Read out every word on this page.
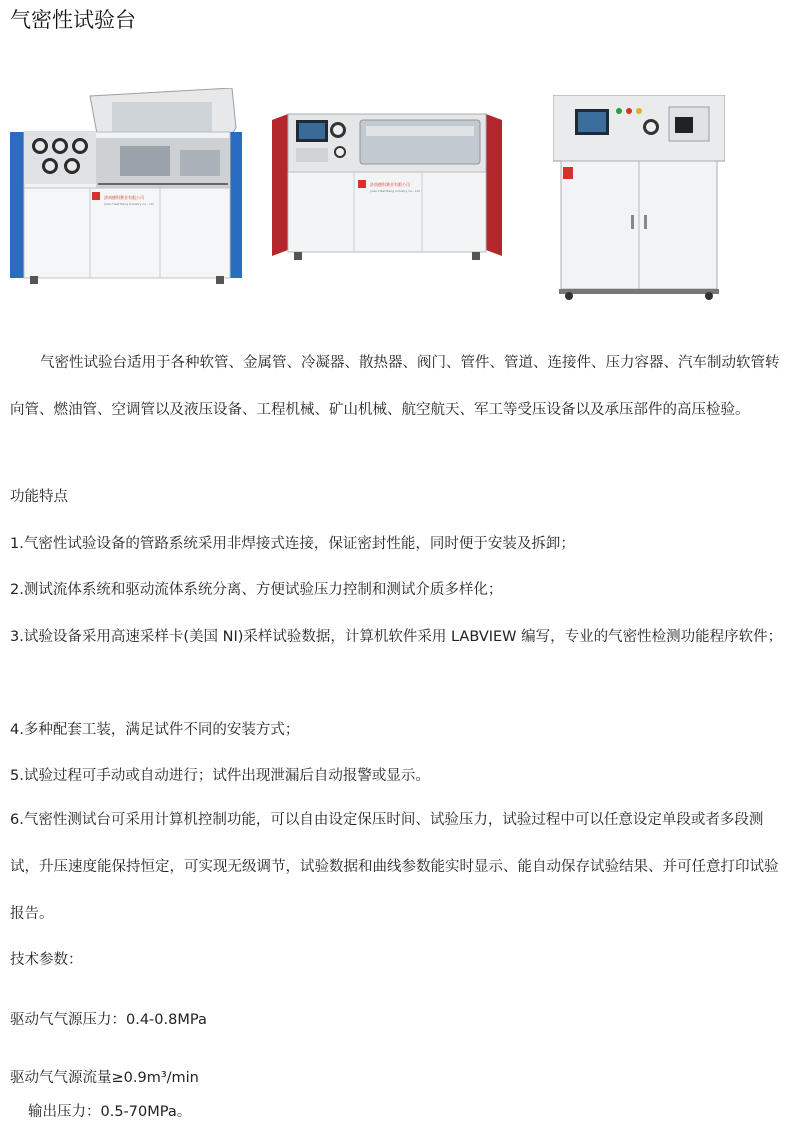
气密性试验台
济南德科赛业有限公司
Jinan Heat Bang Industry Co., Ltd
济南德科赛业有限公司
Jinan Heat Bang Industry Co., Ltd

气密性试验台适用于各种软管、金属管、冷凝器、散热器、阀门、管件、管道、连接件、压力容器、汽车制动软管转向管、燃油管、空调管以及液压设备、工程机械、矿山机械、航空航天、军工等受压设备以及承压部件的高压检验。

功能特点

1.气密性试验设备的管路系统采用非焊接式连接，保证密封性能，同时便于安装及拆卸；

2.测试流体系统和驱动流体系统分离、方便试验压力控制和测试介质多样化；

3.试验设备采用高速采样卡(美国 NI)采样试验数据，计算机软件采用 LABVIEW 编写，专业的气密性检测功能程序软件；

4.多种配套工装，满足试件不同的安装方式；

5.试验过程可手动或自动进行；试件出现泄漏后自动报警或显示。

6.气密性测试台可采用计算机控制功能，可以自由设定保压时间、试验压力，试验过程中可以任意设定单段或者多段测试，升压速度能保持恒定，可实现无级调节，试验数据和曲线参数能实时显示、能自动保存试验结果、并可任意打印试验报告。

技术参数：

驱动气气源压力：0.4-0.8MPa

驱动气气源流量≥0.9m³/min

输出压力：0.5-70MPa。
